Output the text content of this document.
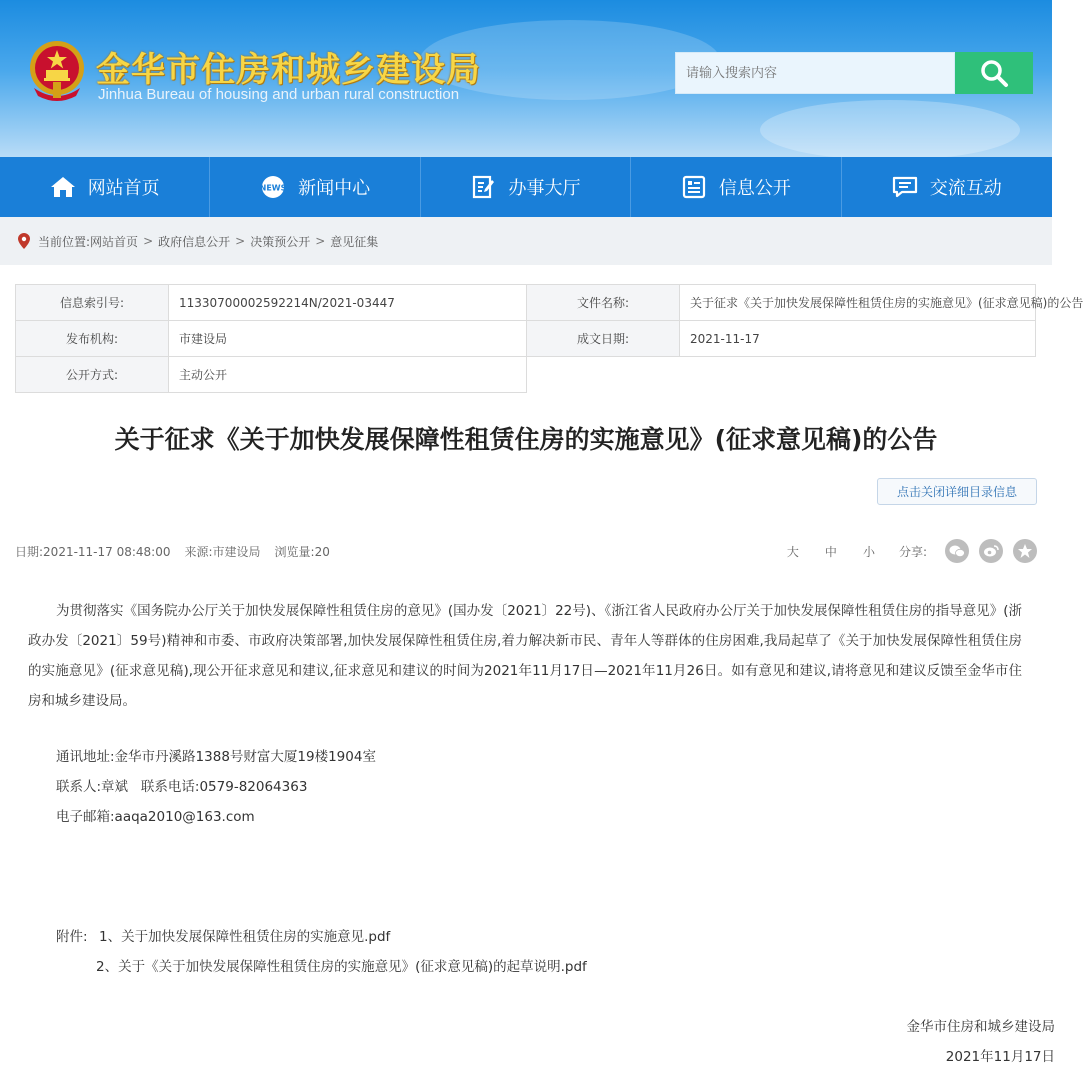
金华市住房和城乡建设局
Jinhua Bureau of housing and urban rural construction
请输入搜索内容
网站首页	NEWS 新闻中心	办事大厅	信息公开	交流互动
当前位置: 网站首页 > 政府信息公开 > 决策预公开 > 意见征集
信息索引号:	11330700002592214N/2021-03447	文件名称:	关于征求《关于加快发展保障性租赁住房的实施意见》(征求意见稿)的公告
发布机构:	市建设局	成文日期:	2021-11-17
公开方式:	主动公开		
关于征求《关于加快发展保障性租赁住房的实施意见》(征求意见稿)的公告
点击关闭详细目录信息
日期:2021-11-17 08:48:00 来源:市建设局 浏览量:20	大 中 小 分享:
为贯彻落实《国务院办公厅关于加快发展保障性租赁住房的意见》(国办发〔2021〕22号)、《浙江省人民政府办公厅关于加快发展保障性租赁住房的指导意见》(浙政办发〔2021〕59号)精神和市委、市政府决策部署,加快发展保障性租赁住房,着力解决新市民、青年人等群体的住房困难,我局起草了《关于加快发展保障性租赁住房的实施意见》(征求意见稿),现公开征求意见和建议,征求意见和建议的时间为2021年11月17日—2021年11月26日。如有意见和建议,请将意见和建议反馈至金华市住房和城乡建设局。
通讯地址:金华市丹溪路1388号财富大厦19楼1904室
联系人:章斌   联系电话:0579-82064363
电子邮箱:aaqa2010@163.com
附件: 1、关于加快发展保障性租赁住房的实施意见.pdf
2、关于《关于加快发展保障性租赁住房的实施意见》(征求意见稿)的起草说明.pdf
金华市住房和城乡建设局
2021年11月17日
